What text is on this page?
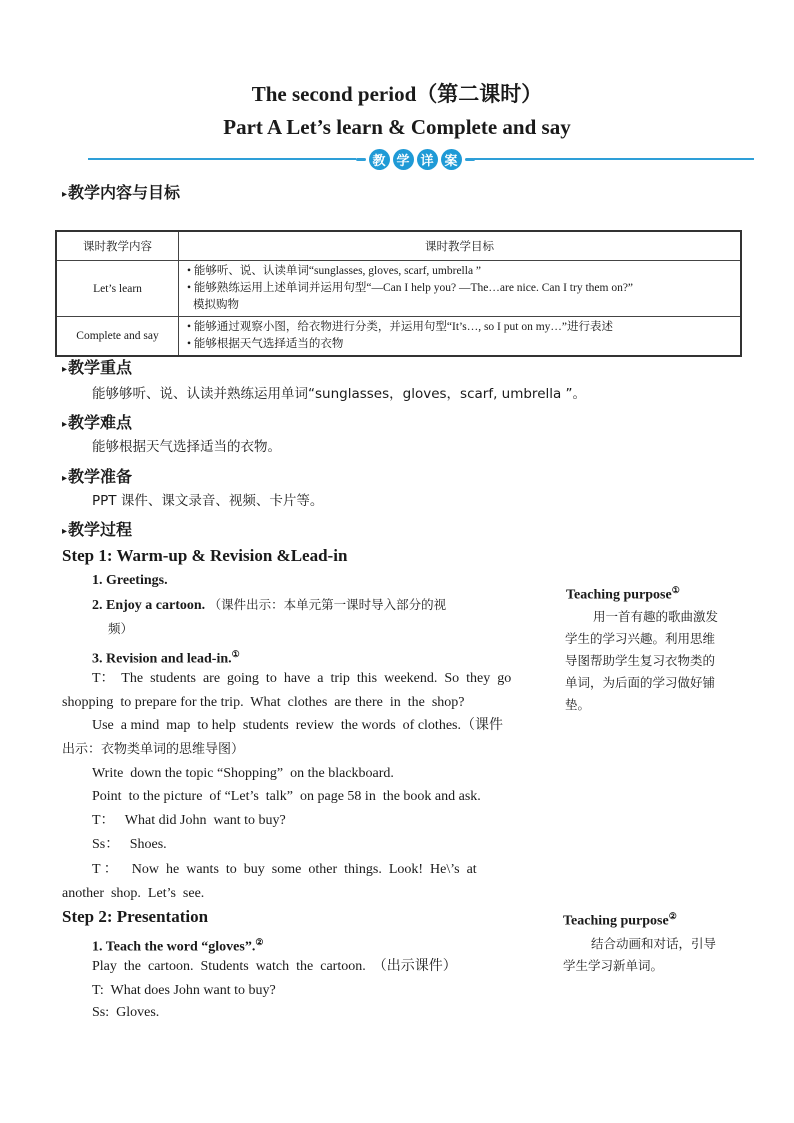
The second period（第二课时）
Part A Let’s learn & Complete and say
教 学 详 案
▸教学内容与目标
课时教学内容	课时教学目标
Let’s learn	• 能够听、说、认读单词“sunglasses, gloves, scarf, umbrella ”
• 能够熟练运用上述单词并运用句型“—Can I help you? —The…are nice. Can I try them on?”
模拟购物

Complete and say	• 能够通过观察小图，给衣物进行分类，并运用句型“It’s…, so I put on my…”进行表述
• 能够根据天气选择适当的衣物
▸教学重点
能够够听、说、认读并熟练运用单词“sunglasses，gloves，scarf, umbrella ”。
▸教学难点
能够根据天气选择适当的衣物。
▸教学准备
PPT 课件、课文录音、视频、卡片等。
▸教学过程
Step 1: Warm-up & Revision &Lead-in
1. Greetings.
2. Enjoy a cartoon. （课件出示：本单元第一课时导入部分的视
频）
3. Revision and lead-in.①
T：  The  students  are  going  to  have  a  trip  this  weekend.  So  they  go
shopping  to prepare for the trip.  What  clothes  are there  in  the  shop?
Use  a mind  map  to help  students  review  the words  of clothes.（课件
出示：衣物类单词的思维导图）
Write  down the topic “Shopping”  on the blackboard.
Point  to the picture  of “Let’s  talk”  on page 58 in  the book and ask.
T：   What did John  want to buy?
Ss：   Shoes.
T ：    Now  he  wants  to  buy  some  other  things.  Look!  He\’s  at
another  shop.  Let’s  see.
Step 2: Presentation
1. Teach the word “gloves”.②
Play  the  cartoon.  Students  watch  the  cartoon.  （出示课件）
T:  What does John want to buy?
Ss:  Gloves.
Teaching purpose①
用一首有趣的歌曲激发
学生的学习兴趣。利用思维
导图帮助学生复习衣物类的
单词，为后面的学习做好铺
垫。
Teaching purpose②
结合动画和对话，引导
学生学习新单词。
